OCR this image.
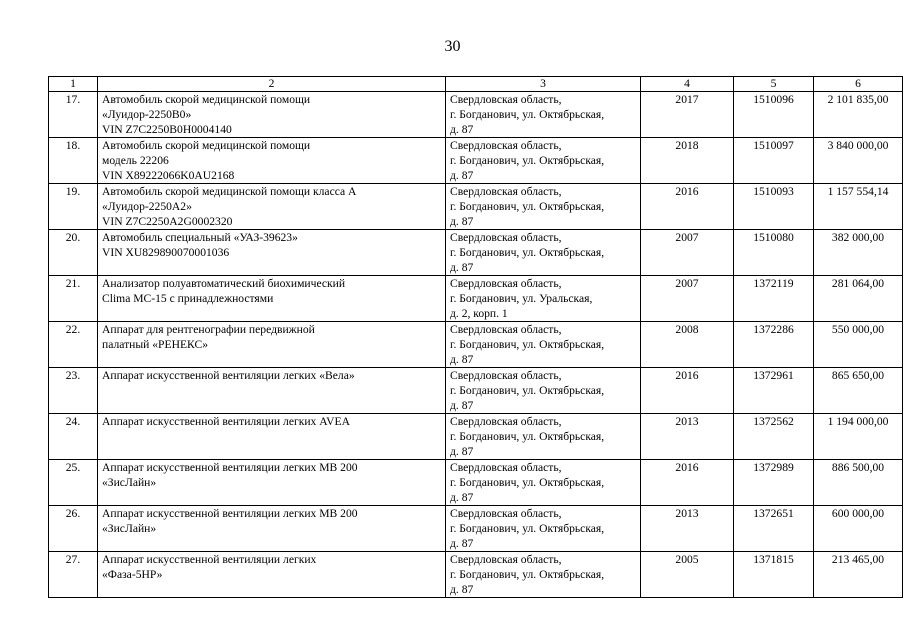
30
1	2	3	4	5	6
17.	Автомобиль скорой медицинской помощи
«Луидор-2250В0»
VIN Z7C2250B0H0004140	Свердловская область,
г. Богданович, ул. Октябрьская,
д. 87	2017	1510096	2 101 835,00
18.	Автомобиль скорой медицинской помощи
модель 22206
VIN X89222066K0AU2168	Свердловская область,
г. Богданович, ул. Октябрьская,
д. 87	2018	1510097	3 840 000,00
19.	Автомобиль скорой медицинской помощи класса А
«Луидор-2250А2»
VIN Z7C2250A2G0002320	Свердловская область,
г. Богданович, ул. Октябрьская,
д. 87	2016	1510093	1 157 554,14
20.	Автомобиль специальный «УАЗ-39623»
VIN XU829890070001036	Свердловская область,
г. Богданович, ул. Октябрьская,
д. 87	2007	1510080	382 000,00
21.	Анализатор полуавтоматический биохимический
Clima MC-15 с принадлежностями	Свердловская область,
г. Богданович, ул. Уральская,
д. 2, корп. 1	2007	1372119	281 064,00
22.	Аппарат для рентгенографии передвижной
палатный «РЕНЕКС»	Свердловская область,
г. Богданович, ул. Октябрьская,
д. 87	2008	1372286	550 000,00
23.	Аппарат искусственной вентиляции легких «Вела»	Свердловская область,
г. Богданович, ул. Октябрьская,
д. 87	2016	1372961	865 650,00
24.	Аппарат искусственной вентиляции легких AVEA	Свердловская область,
г. Богданович, ул. Октябрьская,
д. 87	2013	1372562	1 194 000,00
25.	Аппарат искусственной вентиляции легких МВ 200
«ЗисЛайн»	Свердловская область,
г. Богданович, ул. Октябрьская,
д. 87	2016	1372989	886 500,00
26.	Аппарат искусственной вентиляции легких МВ 200
«ЗисЛайн»	Свердловская область,
г. Богданович, ул. Октябрьская,
д. 87	2013	1372651	600 000,00
27.	Аппарат искусственной вентиляции легких
«Фаза-5НР»	Свердловская область,
г. Богданович, ул. Октябрьская,
д. 87	2005	1371815	213 465,00
